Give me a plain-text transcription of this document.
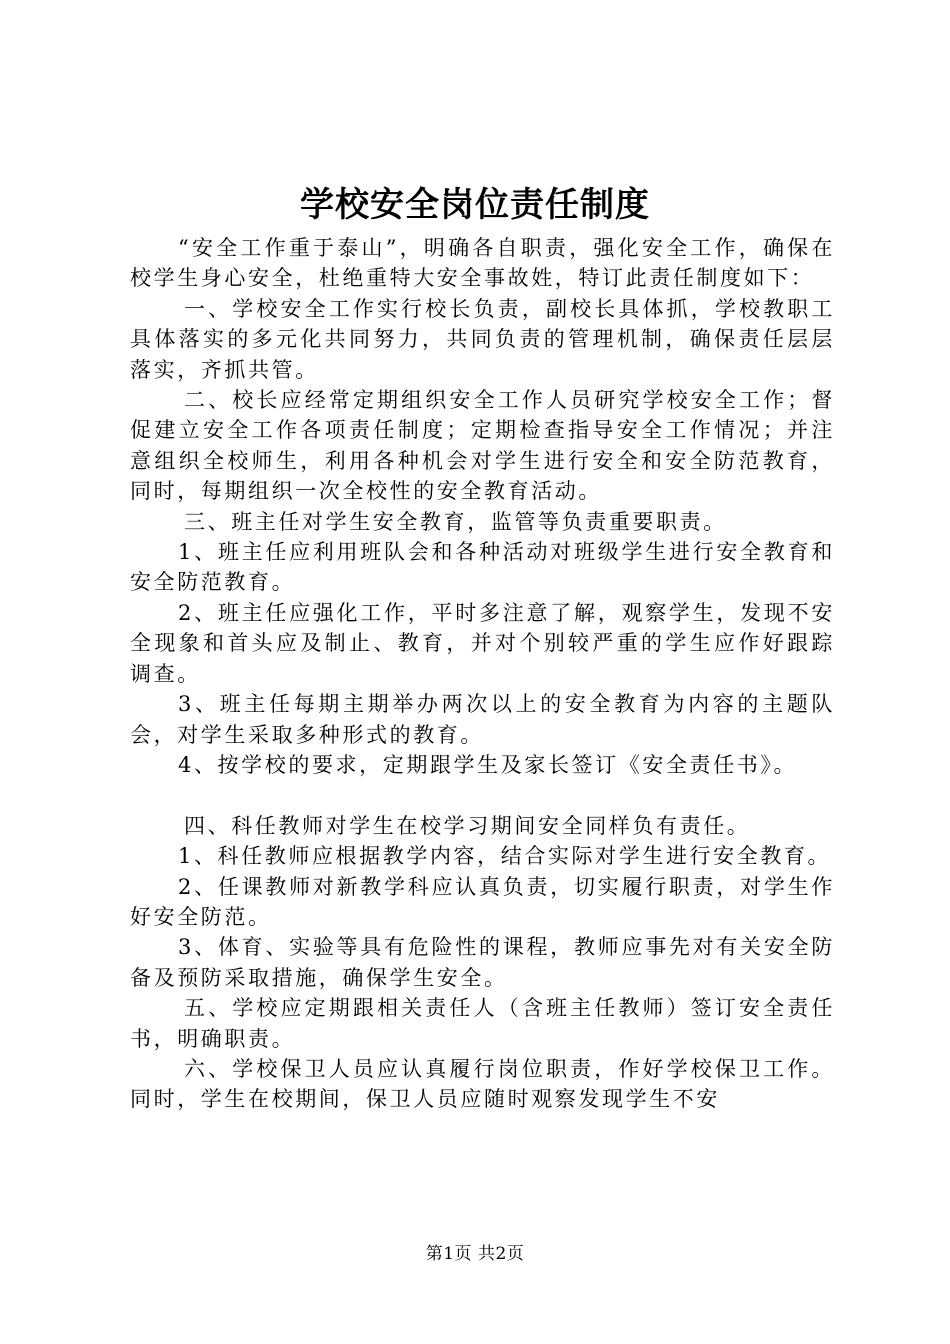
学校安全岗位责任制度

“安全工作重于泰山”，明确各自职责，强化安全工作，确保在校学生身心安全，杜绝重特大安全事故姓，特订此责任制度如下：

一、学校安全工作实行校长负责，副校长具体抓，学校教职工具体落实的多元化共同努力，共同负责的管理机制，确保责任层层落实，齐抓共管。

二、校长应经常定期组织安全工作人员研究学校安全工作；督促建立安全工作各项责任制度；定期检查指导安全工作情况；并注意组织全校师生，利用各种机会对学生进行安全和安全防范教育，同时，每期组织一次全校性的安全教育活动。

三、班主任对学生安全教育，监管等负责重要职责。

1、班主任应利用班队会和各种活动对班级学生进行安全教育和安全防范教育。

2、班主任应强化工作，平时多注意了解，观察学生，发现不安全现象和首头应及制止、教育，并对个别较严重的学生应作好跟踪调查。

3、班主任每期主期举办两次以上的安全教育为内容的主题队会，对学生采取多种形式的教育。

4、按学校的要求，定期跟学生及家长签订《安全责任书》。

四、科任教师对学生在校学习期间安全同样负有责任。

1、科任教师应根据教学内容，结合实际对学生进行安全教育。

2、任课教师对新教学科应认真负责，切实履行职责，对学生作好安全防范。

3、体育、实验等具有危险性的课程，教师应事先对有关安全防备及预防采取措施，确保学生安全。

五、学校应定期跟相关责任人（含班主任教师）签订安全责任书，明确职责。

六、学校保卫人员应认真履行岗位职责，作好学校保卫工作。同时，学生在校期间，保卫人员应随时观察发现学生不安

第1页 共2页
